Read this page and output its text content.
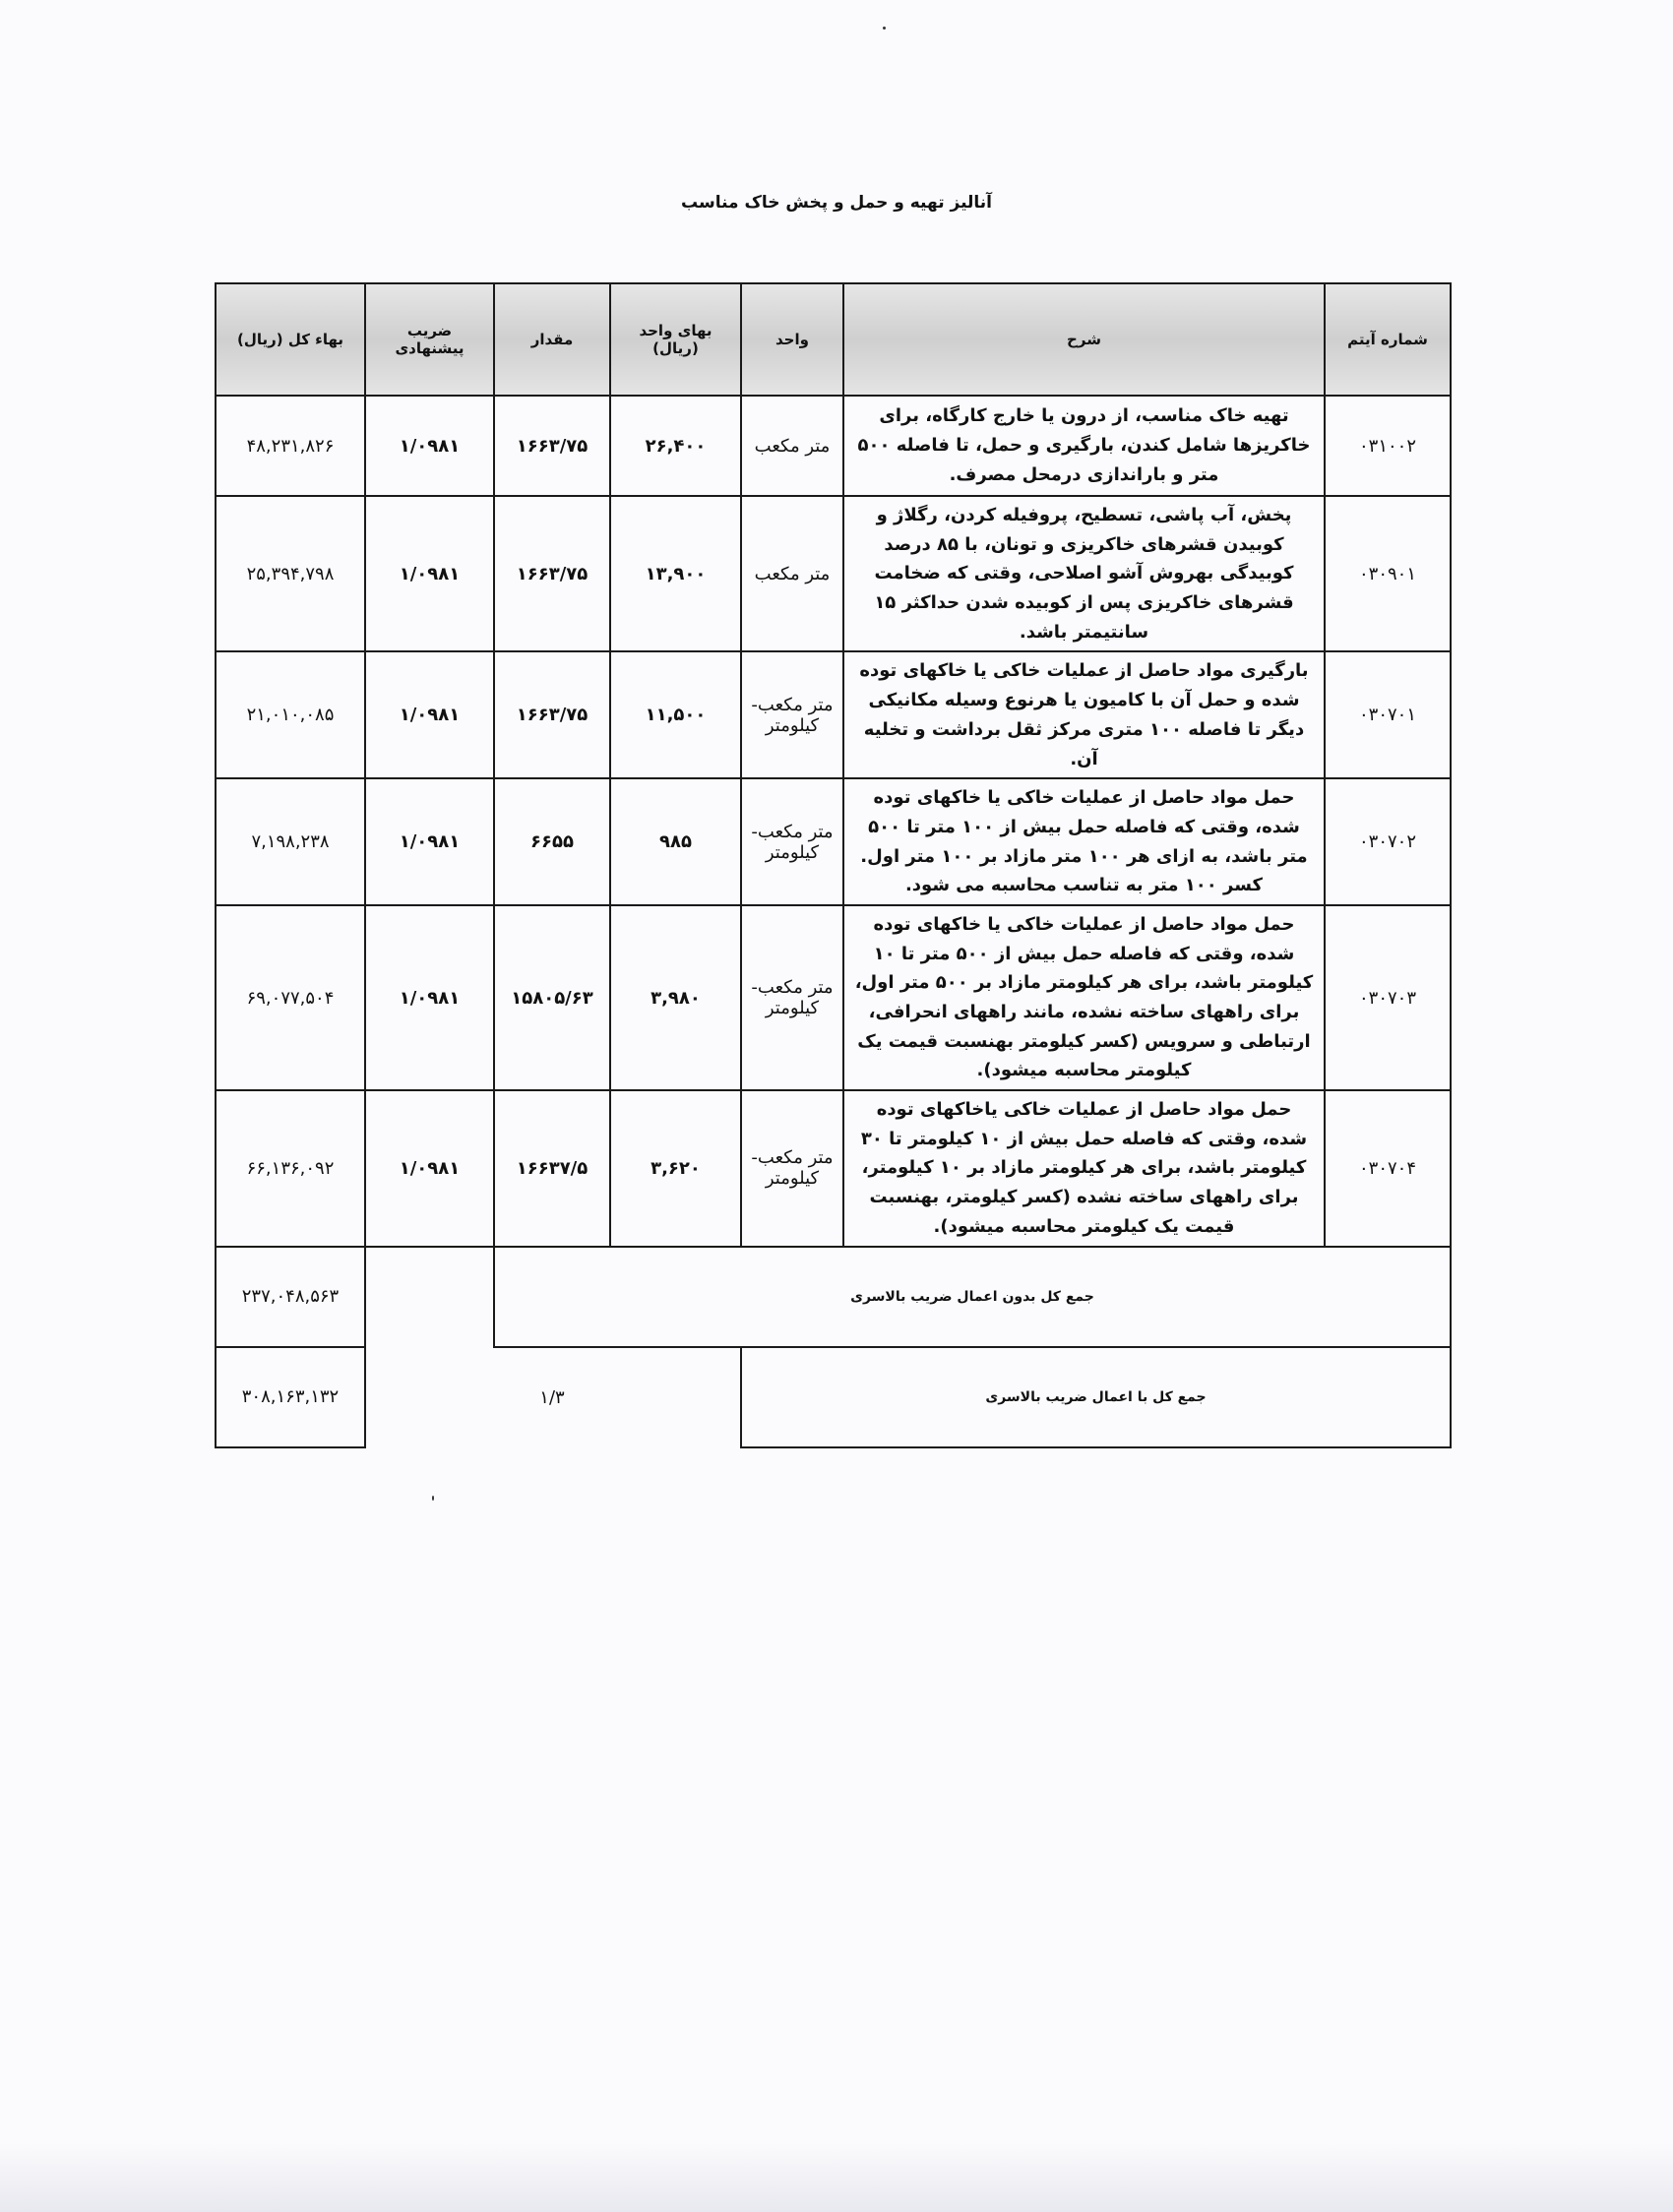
آنالیز تهیه و حمل و پخش خاک مناسب
شماره آیتم	شرح	واحد	بهای واحد (ریال)	مقدار	ضریب پیشنهادی	بهاء کل (ریال)
۰۳۱۰۰۲	تهیه خاک مناسب، از درون یا خارج کارگاه، برای خاکریزها شامل کندن، بارگیری و حمل، تا فاصله ۵۰۰ متر و باراندازی درمحل مصرف.	متر مکعب	۲۶,۴۰۰	۱۶۶۳/۷۵	۱/۰۹۸۱	۴۸,۲۳۱,۸۲۶
۰۳۰۹۰۱	پخش، آب پاشی، تسطیح، پروفیله کردن، رگلاژ و کوبیدن قشرهای خاکریزی و تونان، با ۸۵ درصد کوبیدگی بهروش آشو اصلاحی، وقتی که ضخامت قشرهای خاکریزی پس از کوبیده شدن حداکثر ۱۵ سانتیمتر باشد.	متر مکعب	۱۳,۹۰۰	۱۶۶۳/۷۵	۱/۰۹۸۱	۲۵,۳۹۴,۷۹۸
۰۳۰۷۰۱	بارگیری مواد حاصل از عملیات خاکی یا خاکهای توده شده و حمل آن با کامیون یا هرنوع وسیله مکانیکی دیگر تا فاصله ۱۰۰ متری مرکز ثقل برداشت و تخلیه آن.	متر مکعب-کیلومتر	۱۱,۵۰۰	۱۶۶۳/۷۵	۱/۰۹۸۱	۲۱,۰۱۰,۰۸۵
۰۳۰۷۰۲	حمل مواد حاصل از عملیات خاکی یا خاکهای توده شده، وقتی که فاصله حمل بیش از ۱۰۰ متر تا ۵۰۰ متر باشد، به ازای هر ۱۰۰ متر مازاد بر ۱۰۰ متر اول. کسر ۱۰۰ متر به تناسب محاسبه می شود.	متر مکعب-کیلومتر	۹۸۵	۶۶۵۵	۱/۰۹۸۱	۷,۱۹۸,۲۳۸
۰۳۰۷۰۳	حمل مواد حاصل از عملیات خاکی یا خاکهای توده شده، وقتی که فاصله حمل بیش از ۵۰۰ متر تا ۱۰ کیلومتر باشد، برای هر کیلومتر مازاد بر ۵۰۰ متر اول، برای راههای ساخته نشده، مانند راههای انحرافی، ارتباطی و سرویس (کسر کیلومتر بهنسبت قیمت یک کیلومتر محاسبه میشود).	متر مکعب-کیلومتر	۳,۹۸۰	۱۵۸۰۵/۶۳	۱/۰۹۸۱	۶۹,۰۷۷,۵۰۴
۰۳۰۷۰۴	حمل مواد حاصل از عملیات خاکی یاخاکهای توده شده، وقتی که فاصله حمل بیش از ۱۰ کیلومتر تا ۳۰ کیلومتر باشد، برای هر کیلومتر مازاد بر ۱۰ کیلومتر، برای راههای ساخته نشده (کسر کیلومتر، بهنسبت قیمت یک کیلومتر محاسبه میشود).	متر مکعب-کیلومتر	۳,۶۲۰	۱۶۶۳۷/۵	۱/۰۹۸۱	۶۶,۱۳۶,۰۹۲
جمع کل بدون اعمال ضریب بالاسری						۲۳۷,۰۴۸,۵۶۳
جمع کل با اعمال ضریب بالاسری				۱/۳		۳۰۸,۱۶۳,۱۳۲
